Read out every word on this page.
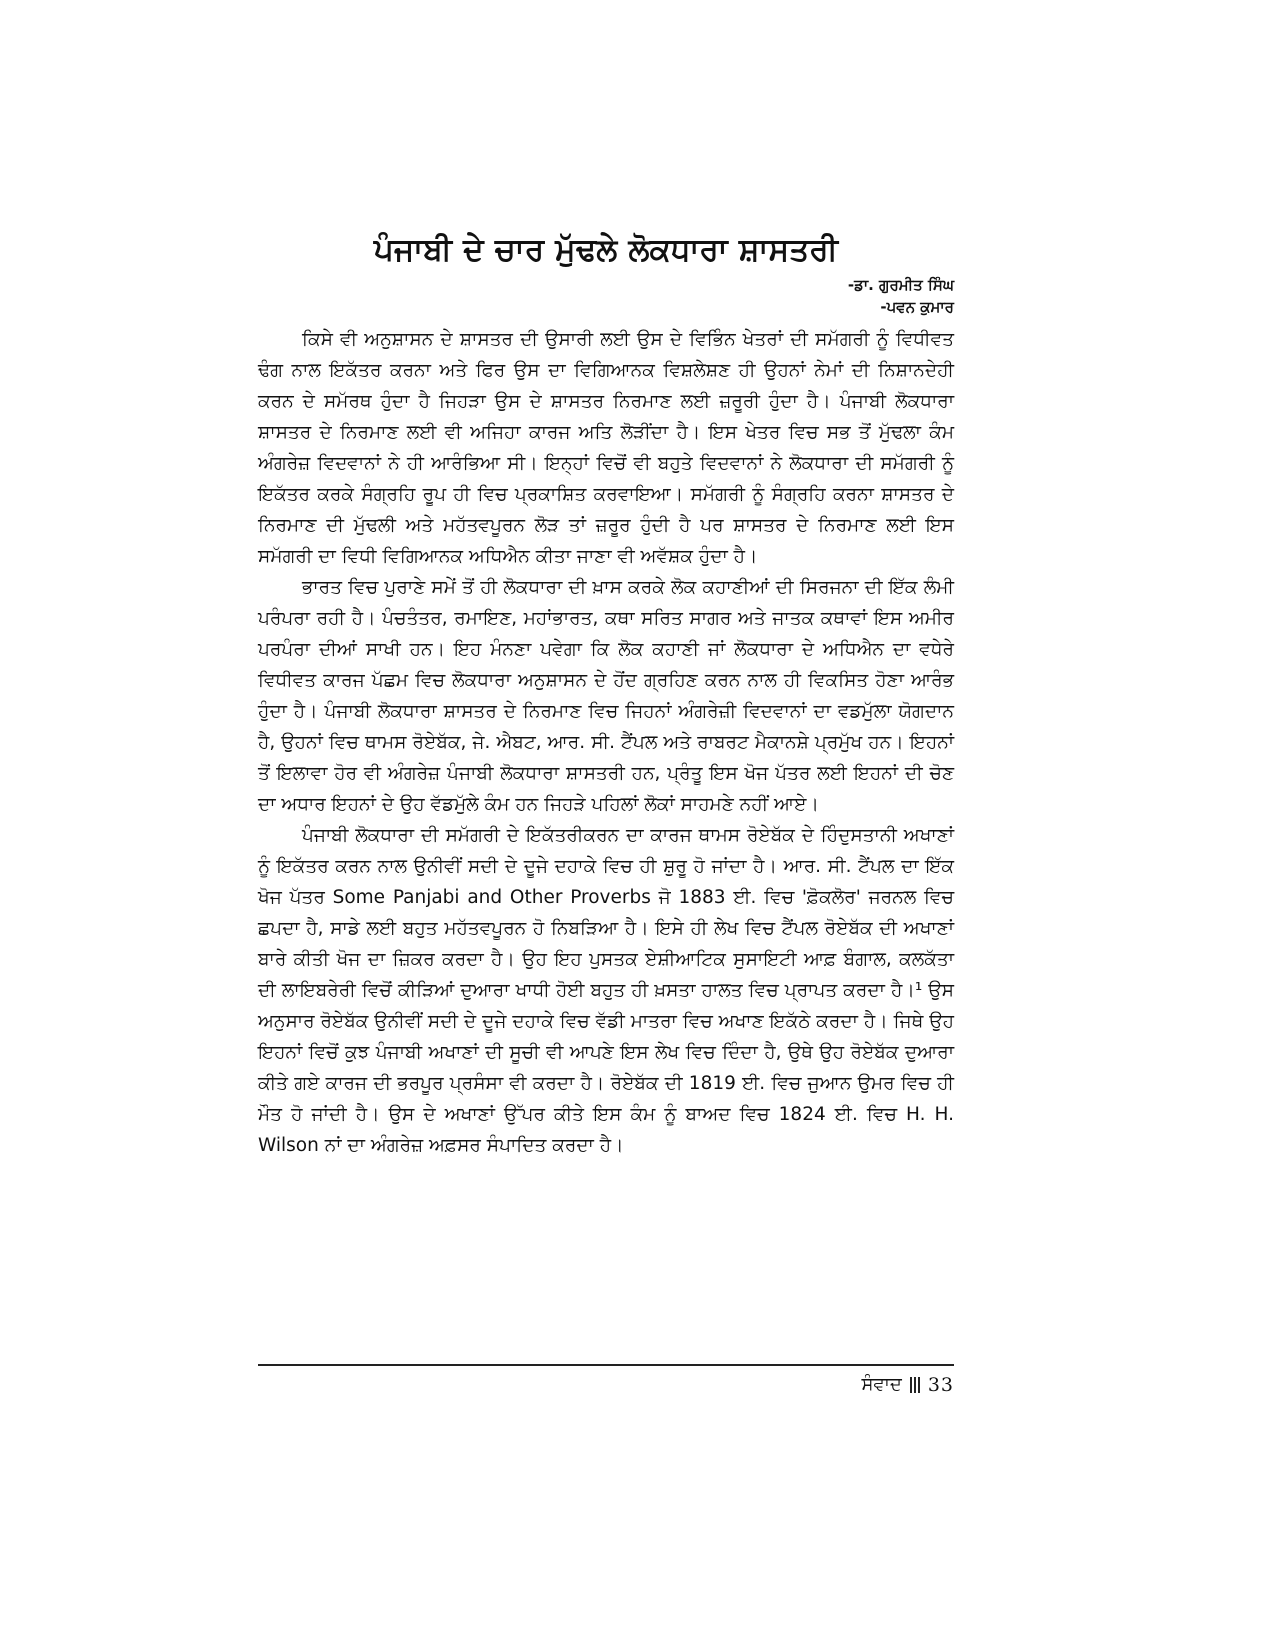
ਪੰਜਾਬੀ ਦੇ ਚਾਰ ਮੁੱਢਲੇ ਲੋਕਧਾਰਾ ਸ਼ਾਸਤਰੀ
-ਡਾ. ਗੁਰਮੀਤ ਸਿੰਘ
-ਪਵਨ ਕੁਮਾਰ

ਕਿਸੇ ਵੀ ਅਨੁਸ਼ਾਸਨ ਦੇ ਸ਼ਾਸਤਰ ਦੀ ਉਸਾਰੀ ਲਈ ਉਸ ਦੇ ਵਿਭਿੰਨ ਖੇਤਰਾਂ ਦੀ ਸਮੱਗਰੀ ਨੂੰ ਵਿਧੀਵਤ ਢੰਗ ਨਾਲ ਇਕੱਤਰ ਕਰਨਾ ਅਤੇ ਫਿਰ ਉਸ ਦਾ ਵਿਗਿਆਨਕ ਵਿਸ਼ਲੇਸ਼ਣ ਹੀ ਉਹਨਾਂ ਨੇਮਾਂ ਦੀ ਨਿਸ਼ਾਨਦੇਹੀ ਕਰਨ ਦੇ ਸਮੱਰਥ ਹੁੰਦਾ ਹੈ ਜਿਹੜਾ ਉਸ ਦੇ ਸ਼ਾਸਤਰ ਨਿਰਮਾਣ ਲਈ ਜ਼ਰੂਰੀ ਹੁੰਦਾ ਹੈ। ਪੰਜਾਬੀ ਲੋਕਧਾਰਾ ਸ਼ਾਸਤਰ ਦੇ ਨਿਰਮਾਣ ਲਈ ਵੀ ਅਜਿਹਾ ਕਾਰਜ ਅਤਿ ਲੋੜੀਂਦਾ ਹੈ। ਇਸ ਖੇਤਰ ਵਿਚ ਸਭ ਤੋਂ ਮੁੱਢਲਾ ਕੰਮ ਅੰਗਰੇਜ਼ ਵਿਦਵਾਨਾਂ ਨੇ ਹੀ ਆਰੰਭਿਆ ਸੀ। ਇਨ੍ਹਾਂ ਵਿਚੋਂ ਵੀ ਬਹੁਤੇ ਵਿਦਵਾਨਾਂ ਨੇ ਲੋਕਧਾਰਾ ਦੀ ਸਮੱਗਰੀ ਨੂੰ ਇਕੱਤਰ ਕਰਕੇ ਸੰਗ੍ਰਹਿ ਰੂਪ ਹੀ ਵਿਚ ਪ੍ਰਕਾਸ਼ਿਤ ਕਰਵਾਇਆ। ਸਮੱਗਰੀ ਨੂੰ ਸੰਗ੍ਰਹਿ ਕਰਨਾ ਸ਼ਾਸਤਰ ਦੇ ਨਿਰਮਾਣ ਦੀ ਮੁੱਢਲੀ ਅਤੇ ਮਹੱਤਵਪੂਰਨ ਲੋੜ ਤਾਂ ਜ਼ਰੂਰ ਹੁੰਦੀ ਹੈ ਪਰ ਸ਼ਾਸਤਰ ਦੇ ਨਿਰਮਾਣ ਲਈ ਇਸ ਸਮੱਗਰੀ ਦਾ ਵਿਧੀ ਵਿਗਿਆਨਕ ਅਧਿਐਨ ਕੀਤਾ ਜਾਣਾ ਵੀ ਅਵੱਸ਼ਕ ਹੁੰਦਾ ਹੈ।

ਭਾਰਤ ਵਿਚ ਪੁਰਾਣੇ ਸਮੇਂ ਤੋਂ ਹੀ ਲੋਕਧਾਰਾ ਦੀ ਖ਼ਾਸ ਕਰਕੇ ਲੋਕ ਕਹਾਣੀਆਂ ਦੀ ਸਿਰਜਨਾ ਦੀ ਇੱਕ ਲੰਮੀ ਪਰੰਪਰਾ ਰਹੀ ਹੈ। ਪੰਚਤੰਤਰ, ਰਮਾਇਣ, ਮਹਾਂਭਾਰਤ, ਕਥਾ ਸਰਿਤ ਸਾਗਰ ਅਤੇ ਜਾਤਕ ਕਥਾਵਾਂ ਇਸ ਅਮੀਰ ਪਰਪੰਰਾ ਦੀਆਂ ਸਾਖੀ ਹਨ। ਇਹ ਮੰਨਣਾ ਪਵੇਗਾ ਕਿ ਲੋਕ ਕਹਾਣੀ ਜਾਂ ਲੋਕਧਾਰਾ ਦੇ ਅਧਿਐਨ ਦਾ ਵਧੇਰੇ ਵਿਧੀਵਤ ਕਾਰਜ ਪੱਛਮ ਵਿਚ ਲੋਕਧਾਰਾ ਅਨੁਸ਼ਾਸਨ ਦੇ ਹੋਂਦ ਗ੍ਰਹਿਣ ਕਰਨ ਨਾਲ ਹੀ ਵਿਕਸਿਤ ਹੋਣਾ ਆਰੰਭ ਹੁੰਦਾ ਹੈ। ਪੰਜਾਬੀ ਲੋਕਧਾਰਾ ਸ਼ਾਸਤਰ ਦੇ ਨਿਰਮਾਣ ਵਿਚ ਜਿਹਨਾਂ ਅੰਗਰੇਜ਼ੀ ਵਿਦਵਾਨਾਂ ਦਾ ਵਡਮੁੱਲਾ ਯੋਗਦਾਨ ਹੈ, ਉਹਨਾਂ ਵਿਚ ਥਾਮਸ ਰੋਏਬੱਕ, ਜੇ. ਐਬਟ, ਆਰ. ਸੀ. ਟੈਂਪਲ ਅਤੇ ਰਾਬਰਟ ਮੈਕਾਨਸ਼ੇ ਪ੍ਰਮੁੱਖ ਹਨ। ਇਹਨਾਂ ਤੋਂ ਇਲਾਵਾ ਹੋਰ ਵੀ ਅੰਗਰੇਜ਼ ਪੰਜਾਬੀ ਲੋਕਧਾਰਾ ਸ਼ਾਸਤਰੀ ਹਨ, ਪ੍ਰੰਤੂ ਇਸ ਖੋਜ ਪੱਤਰ ਲਈ ਇਹਨਾਂ ਦੀ ਚੋਣ ਦਾ ਅਧਾਰ ਇਹਨਾਂ ਦੇ ਉਹ ਵੱਡਮੁੱਲੇ ਕੰਮ ਹਨ ਜਿਹੜੇ ਪਹਿਲਾਂ ਲੋਕਾਂ ਸਾਹਮਣੇ ਨਹੀਂ ਆਏ।

ਪੰਜਾਬੀ ਲੋਕਧਾਰਾ ਦੀ ਸਮੱਗਰੀ ਦੇ ਇਕੱਤਰੀਕਰਨ ਦਾ ਕਾਰਜ ਥਾਮਸ ਰੋਏਬੱਕ ਦੇ ਹਿੰਦੁਸਤਾਨੀ ਅਖਾਣਾਂ ਨੂੰ ਇਕੱਤਰ ਕਰਨ ਨਾਲ ਉਨੀਵੀਂ ਸਦੀ ਦੇ ਦੂਜੇ ਦਹਾਕੇ ਵਿਚ ਹੀ ਸ਼ੁਰੂ ਹੋ ਜਾਂਦਾ ਹੈ। ਆਰ. ਸੀ. ਟੈਂਪਲ ਦਾ ਇੱਕ ਖੋਜ ਪੱਤਰ Some Panjabi and Other Proverbs ਜੋ 1883 ਈ. ਵਿਚ 'ਫ਼ੋਕਲੋਰ' ਜਰਨਲ ਵਿਚ ਛਪਦਾ ਹੈ, ਸਾਡੇ ਲਈ ਬਹੁਤ ਮਹੱਤਵਪੂਰਨ ਹੋ ਨਿਬੜਿਆ ਹੈ। ਇਸੇ ਹੀ ਲੇਖ ਵਿਚ ਟੈਂਪਲ ਰੋਏਬੱਕ ਦੀ ਅਖਾਣਾਂ ਬਾਰੇ ਕੀਤੀ ਖੋਜ ਦਾ ਜ਼ਿਕਰ ਕਰਦਾ ਹੈ। ਉਹ ਇਹ ਪੁਸਤਕ ਏਸ਼ੀਆਟਿਕ ਸੁਸਾਇਟੀ ਆਫ਼ ਬੰਗਾਲ, ਕਲਕੱਤਾ ਦੀ ਲਾਇਬਰੇਰੀ ਵਿਚੋਂ ਕੀੜਿਆਂ ਦੁਆਰਾ ਖਾਧੀ ਹੋਈ ਬਹੁਤ ਹੀ ਖ਼ਸਤਾ ਹਾਲਤ ਵਿਚ ਪ੍ਰਾਪਤ ਕਰਦਾ ਹੈ।¹ ਉਸ ਅਨੁਸਾਰ ਰੋਏਬੱਕ ਉਨੀਵੀਂ ਸਦੀ ਦੇ ਦੂਜੇ ਦਹਾਕੇ ਵਿਚ ਵੱਡੀ ਮਾਤਰਾ ਵਿਚ ਅਖਾਣ ਇਕੱਠੇ ਕਰਦਾ ਹੈ। ਜਿਥੇ ਉਹ ਇਹਨਾਂ ਵਿਚੋਂ ਕੁਝ ਪੰਜਾਬੀ ਅਖਾਣਾਂ ਦੀ ਸੂਚੀ ਵੀ ਆਪਣੇ ਇਸ ਲੇਖ ਵਿਚ ਦਿੰਦਾ ਹੈ, ਉਥੇ ਉਹ ਰੋਏਬੱਕ ਦੁਆਰਾ ਕੀਤੇ ਗਏ ਕਾਰਜ ਦੀ ਭਰਪੂਰ ਪ੍ਰਸੰਸਾ ਵੀ ਕਰਦਾ ਹੈ। ਰੋਏਬੱਕ ਦੀ 1819 ਈ. ਵਿਚ ਜੁਆਨ ਉਮਰ ਵਿਚ ਹੀ ਮੌਤ ਹੋ ਜਾਂਦੀ ਹੈ। ਉਸ ਦੇ ਅਖਾਣਾਂ ਉੱਪਰ ਕੀਤੇ ਇਸ ਕੰਮ ਨੂੰ ਬਾਅਦ ਵਿਚ 1824 ਈ. ਵਿਚ H. H. Wilson ਨਾਂ ਦਾ ਅੰਗਰੇਜ਼ ਅਫ਼ਸਰ ਸੰਪਾਦਿਤ ਕਰਦਾ ਹੈ।

ਸੰਵਾਦ 33
